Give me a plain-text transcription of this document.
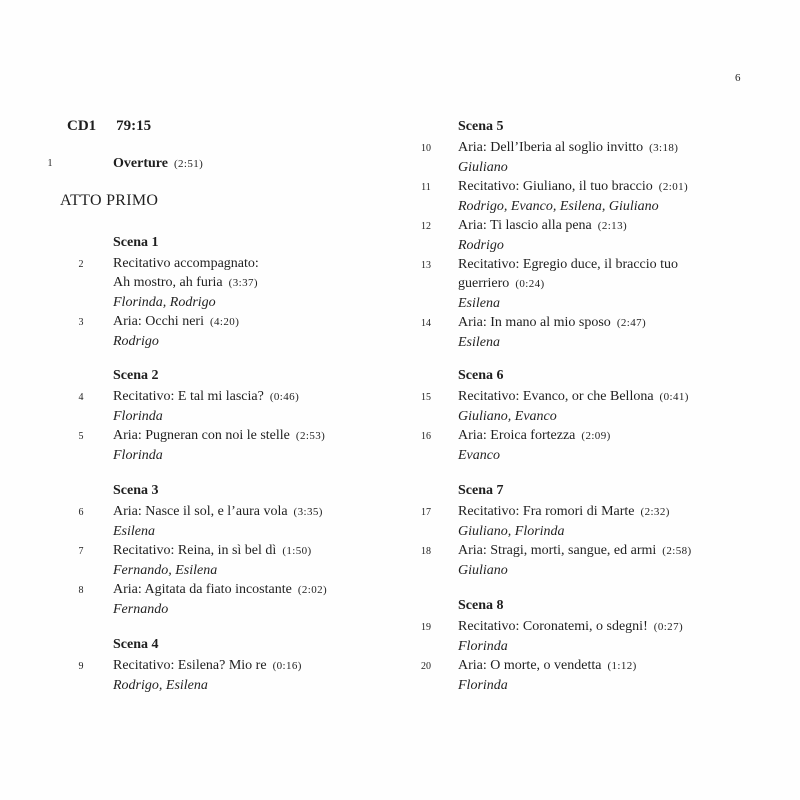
6
CD1 79:15
1	Overture (2:51)
ATTO PRIMO
Scena 1
2	Recitativo accompagnato:
Ah mostro, ah furia (3:37)
Florinda, Rodrigo
3	Aria: Occhi neri (4:20)
Rodrigo
Scena 2
4	Recitativo: E tal mi lascia? (0:46)
Florinda
5	Aria: Pugneran con noi le stelle (2:53)
Florinda
Scena 3
6	Aria: Nasce il sol, e l’aura vola (3:35)
Esilena
7	Recitativo: Reina, in sì bel dì (1:50)
Fernando, Esilena
8	Aria: Agitata da fiato incostante (2:02)
Fernando
Scena 4
9	Recitativo: Esilena? Mio re (0:16)
Rodrigo, Esilena
Scena 5
10	Aria: Dell’Iberia al soglio invitto (3:18)
Giuliano
11	Recitativo: Giuliano, il tuo braccio (2:01)
Rodrigo, Evanco, Esilena, Giuliano
12	Aria: Ti lascio alla pena (2:13)
Rodrigo
13	Recitativo: Egregio duce, il braccio tuo
guerriero (0:24)
Esilena
14	Aria: In mano al mio sposo (2:47)
Esilena
Scena 6
15	Recitativo: Evanco, or che Bellona (0:41)
Giuliano, Evanco
16	Aria: Eroica fortezza (2:09)
Evanco
Scena 7
17	Recitativo: Fra romori di Marte (2:32)
Giuliano, Florinda
18	Aria: Stragi, morti, sangue, ed armi (2:58)
Giuliano
Scena 8
19	Recitativo: Coronatemi, o sdegni! (0:27)
Florinda
20	Aria: O morte, o vendetta (1:12)
Florinda
